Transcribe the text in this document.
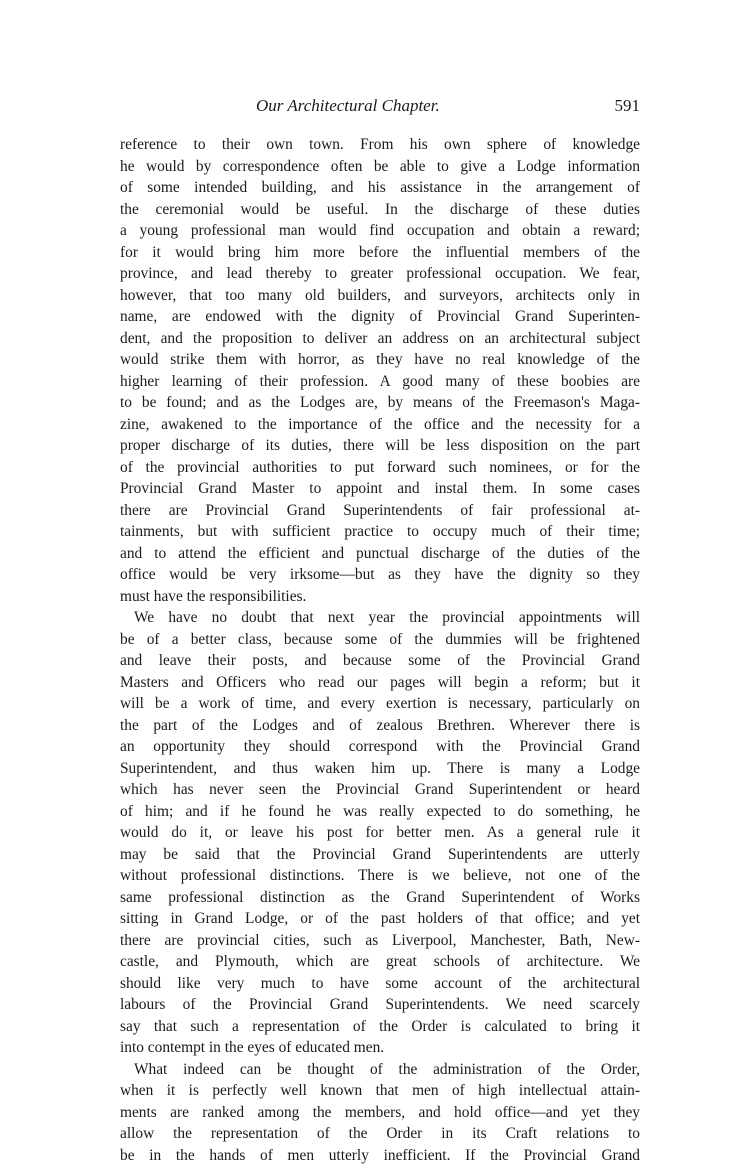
Our Architectural Chapter.	591
reference to their own town. From his own sphere of knowledge
he would by correspondence often be able to give a Lodge information
of some intended building, and his assistance in the arrangement of
the ceremonial would be useful. In the discharge of these duties
a young professional man would find occupation and obtain a reward;
for it would bring him more before the influential members of the
province, and lead thereby to greater professional occupation. We fear,
however, that too many old builders, and surveyors, architects only in
name, are endowed with the dignity of Provincial Grand Superinten-
dent, and the proposition to deliver an address on an architectural subject
would strike them with horror, as they have no real knowledge of the
higher learning of their profession. A good many of these boobies are
to be found; and as the Lodges are, by means of the Freemason's Maga-
zine, awakened to the importance of the office and the necessity for a
proper discharge of its duties, there will be less disposition on the part
of the provincial authorities to put forward such nominees, or for the
Provincial Grand Master to appoint and instal them. In some cases
there are Provincial Grand Superintendents of fair professional at-
tainments, but with sufficient practice to occupy much of their time;
and to attend the efficient and punctual discharge of the duties of the
office would be very irksome—but as they have the dignity so they
must have the responsibilities.
We have no doubt that next year the provincial appointments will
be of a better class, because some of the dummies will be frightened
and leave their posts, and because some of the Provincial Grand
Masters and Officers who read our pages will begin a reform; but it
will be a work of time, and every exertion is necessary, particularly on
the part of the Lodges and of zealous Brethren. Wherever there is
an opportunity they should correspond with the Provincial Grand
Superintendent, and thus waken him up. There is many a Lodge
which has never seen the Provincial Grand Superintendent or heard
of him; and if he found he was really expected to do something, he
would do it, or leave his post for better men. As a general rule it
may be said that the Provincial Grand Superintendents are utterly
without professional distinctions. There is we believe, not one of the
same professional distinction as the Grand Superintendent of Works
sitting in Grand Lodge, or of the past holders of that office; and yet
there are provincial cities, such as Liverpool, Manchester, Bath, New-
castle, and Plymouth, which are great schools of architecture. We
should like very much to have some account of the architectural
labours of the Provincial Grand Superintendents. We need scarcely
say that such a representation of the Order is calculated to bring it
into contempt in the eyes of educated men.
What indeed can be thought of the administration of the Order,
when it is perfectly well known that men of high intellectual attain-
ments are ranked among the members, and hold office—and yet they
allow the representation of the Order in its Craft relations to
be in the hands of men utterly inefficient. If the Provincial Grand
